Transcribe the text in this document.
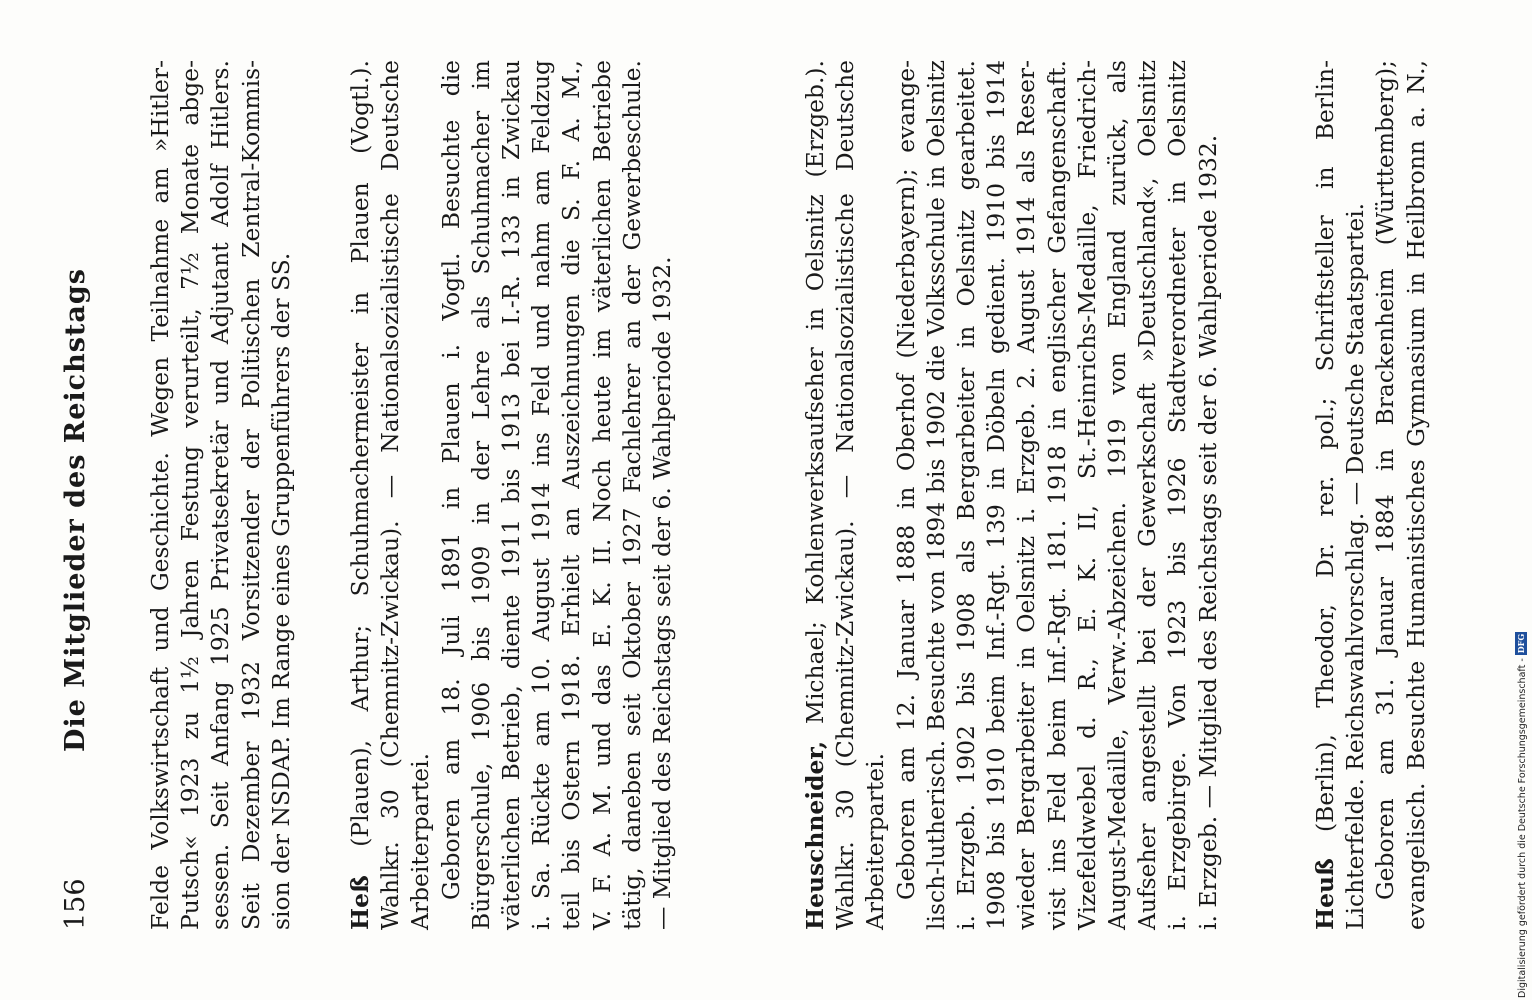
156
Die Mitglieder des Reichstags Felde Volkswirtschaft und Geschichte. Wegen Teilnahme am »Hitler- Putsch« 1923 zu 1½ Jahren Festung verurteilt, 7½ Monate abge- sessen. Seit Anfang 1925 Privatsekretär und Adjutant Adolf Hitlers. Seit Dezember 1932 Vorsitzender der Politischen Zentral-Kommis- sion der NSDAP. Im Range eines Gruppenführers der SS. Heß (Plauen), Arthur; Schuhmachermeister in Plauen (Vogtl.). Wahlkr. 30 (Chemnitz-Zwickau). — Nationalsozialistische Deutsche Arbeiterpartei. Geboren am 18. Juli 1891 in Plauen i. Vogtl. Besuchte die Bürgerschule, 1906 bis 1909 in der Lehre als Schuhmacher im väterlichen Betrieb, diente 1911 bis 1913 bei I.-R. 133 in Zwickau i. Sa. Rückte am 10. August 1914 ins Feld und nahm am Feldzug teil bis Ostern 1918. Erhielt an Auszeichnungen die S. F. A. M., V. F. A. M. und das E. K. II. Noch heute im väterlichen Betriebe tätig, daneben seit Oktober 1927 Fachlehrer an der Gewerbeschule. — Mitglied des Reichstags seit der 6. Wahlperiode 1932.	Heuschneider, Michael; Kohlenwerksaufseher in Oelsnitz (Erzgeb.). Wahlkr. 30 (Chemnitz-Zwickau). — Nationalsozialistische Deutsche Arbeiterpartei. Geboren am 12. Januar 1888 in Oberhof (Niederbayern); evange- lisch-lutherisch. Besuchte von 1894 bis 1902 die Volksschule in Oelsnitz i. Erzgeb. 1902 bis 1908 als Bergarbeiter in Oelsnitz gearbeitet. 1908 bis 1910 beim Inf.-Rgt. 139 in Döbeln gedient. 1910 bis 1914 wieder Bergarbeiter in Oelsnitz i. Erzgeb. 2. August 1914 als Reser- vist ins Feld beim Inf.-Rgt. 181. 1918 in englischer Gefangenschaft. Vizefeldwebel d. R., E. K. II, St.-Heinrichs-Medaille, Friedrich- August-Medaille, Verw.-Abzeichen. 1919 von England zurück, als Aufseher angestellt bei der Gewerkschaft »Deutschland«, Oelsnitz i. Erzgebirge. Von 1923 bis 1926 Stadtverordneter in Oelsnitz i. Erzgeb. — Mitglied des Reichstags seit der 6. Wahlperiode 1932.	Heuß (Berlin), Theodor, Dr. rer. pol.; Schriftsteller in Berlin- Lichterfelde. Reichswahlvorschlag. — Deutsche Staatspartei. Geboren am 31. Januar 1884 in Brackenheim (Württemberg); evangelisch. Besuchte Humanistisches Gymnasium in Heilbronn a. N.,	Digitalisierung gefördert durch die Deutsche Forschungsgemeinschaft -DFG
